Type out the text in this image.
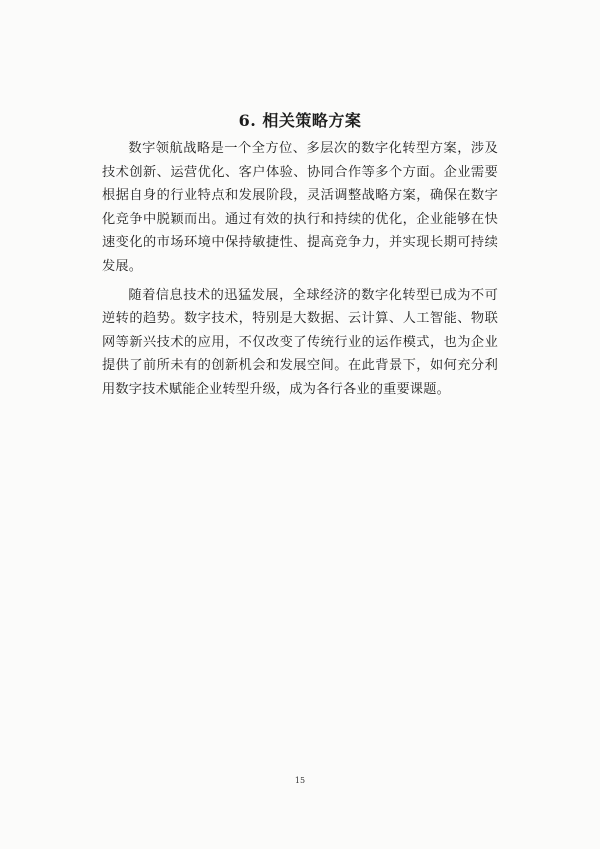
6. 相关策略方案

数字领航战略是一个全方位、多层次的数字化转型方案，涉及技术创新、运营优化、客户体验、协同合作等多个方面。企业需要根据自身的行业特点和发展阶段，灵活调整战略方案，确保在数字化竞争中脱颖而出。通过有效的执行和持续的优化，企业能够在快速变化的市场环境中保持敏捷性、提高竞争力，并实现长期可持续发展。

随着信息技术的迅猛发展，全球经济的数字化转型已成为不可逆转的趋势。数字技术，特别是大数据、云计算、人工智能、物联网等新兴技术的应用，不仅改变了传统行业的运作模式，也为企业提供了前所未有的创新机会和发展空间。在此背景下，如何充分利用数字技术赋能企业转型升级，成为各行各业的重要课题。

15
